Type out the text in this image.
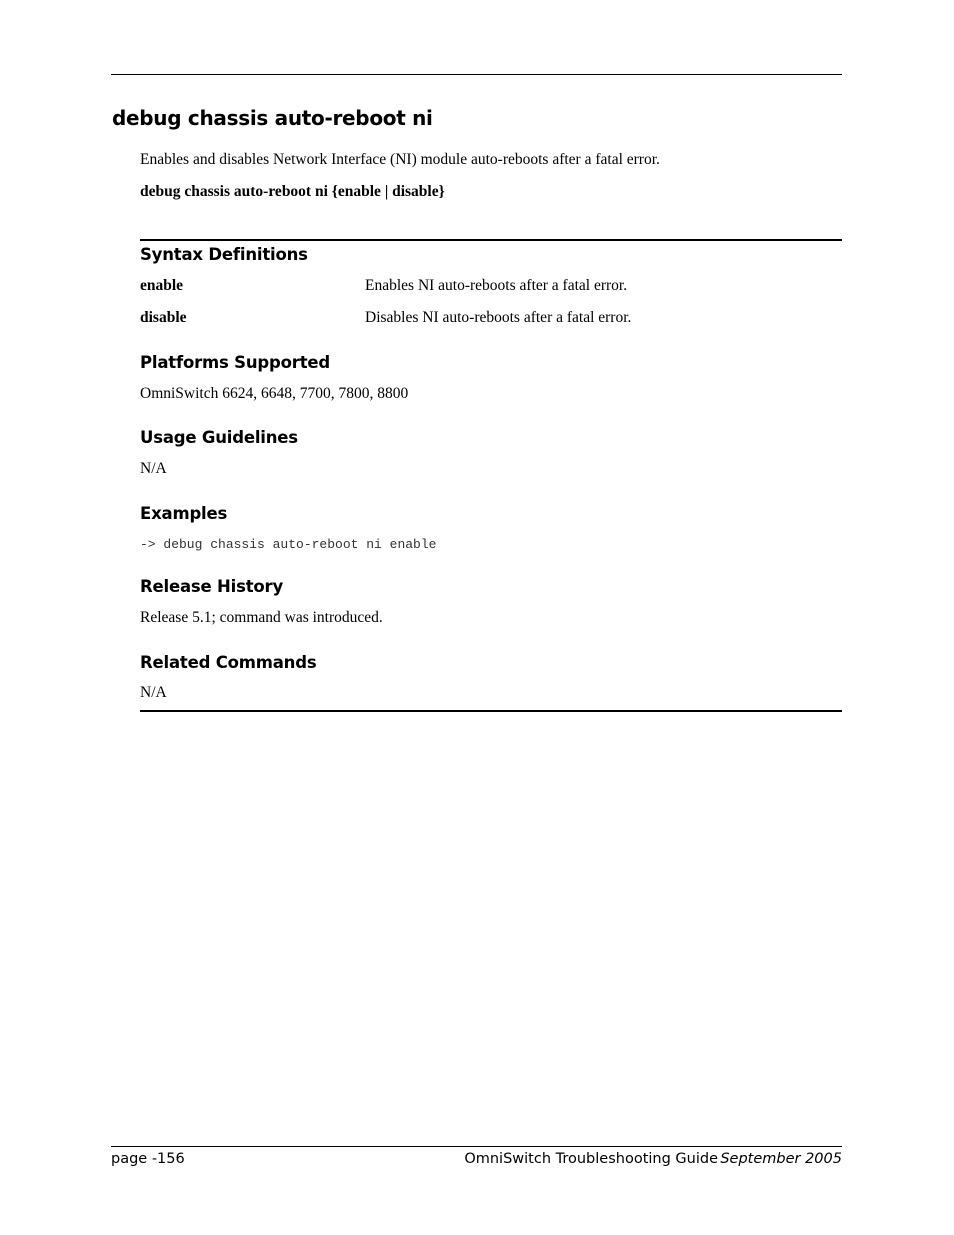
debug chassis auto-reboot ni
Enables and disables Network Interface (NI) module auto-reboots after a fatal error.
debug chassis auto-reboot ni {enable | disable}
Syntax Definitions
enable	Enables NI auto-reboots after a fatal error.
disable	Disables NI auto-reboots after a fatal error.
Platforms Supported
OmniSwitch 6624, 6648, 7700, 7800, 8800
Usage Guidelines
N/A
Examples
-> debug chassis auto-reboot ni enable
Release History
Release 5.1; command was introduced.
Related Commands
N/A
page -156	OmniSwitch Troubleshooting Guide September 2005
